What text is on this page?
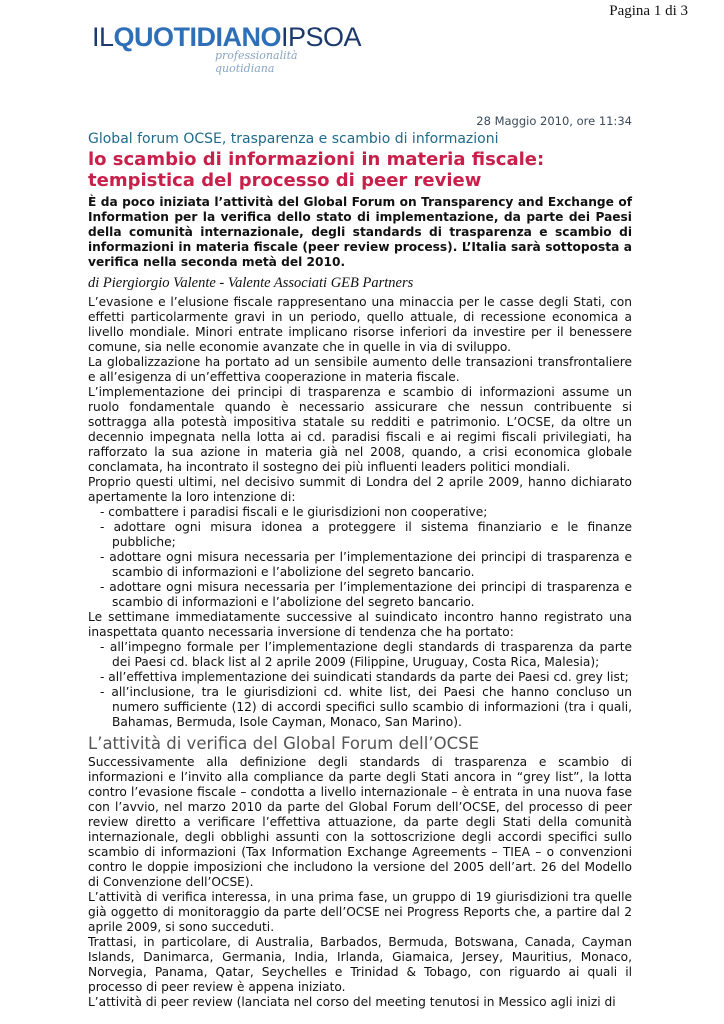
Pagina 1 di 3
ILQUOTIDIANOIPSOA
professionalità quotidiana
28 Maggio 2010, ore 11:34
Global forum OCSE, trasparenza e scambio di informazioni
lo scambio di informazioni in materia fiscale: tempistica del processo di peer review
È da poco iniziata l’attività del Global Forum on Transparency and Exchange of Information per la verifica dello stato di implementazione, da parte dei Paesi della comunità internazionale, degli standards di trasparenza e scambio di informazioni in materia fiscale (peer review process). L’Italia sarà sottoposta a verifica nella seconda metà del 2010.
di Piergiorgio Valente - Valente Associati GEB Partners

L’evasione e l’elusione fiscale rappresentano una minaccia per le casse degli Stati, con effetti particolarmente gravi in un periodo, quello attuale, di recessione economica a livello mondiale. Minori entrate implicano risorse inferiori da investire per il benessere comune, sia nelle economie avanzate che in quelle in via di sviluppo.

La globalizzazione ha portato ad un sensibile aumento delle transazioni transfrontaliere e all’esigenza di un’effettiva cooperazione in materia fiscale.

L’implementazione dei principi di trasparenza e scambio di informazioni assume un ruolo fondamentale quando è necessario assicurare che nessun contribuente si sottragga alla potestà impositiva statale su redditi e patrimonio. L’OCSE, da oltre un decennio impegnata nella lotta ai cd. paradisi fiscali e ai regimi fiscali privilegiati, ha rafforzato la sua azione in materia già nel 2008, quando, a crisi economica globale conclamata, ha incontrato il sostegno dei più influenti leaders politici mondiali.

Proprio questi ultimi, nel decisivo summit di Londra del 2 aprile 2009, hanno dichiarato apertamente la loro intenzione di:

- combattere i paradisi fiscali e le giurisdizioni non cooperative;
- adottare ogni misura idonea a proteggere il sistema finanziario e le finanze pubbliche;
- adottare ogni misura necessaria per l’implementazione dei principi di trasparenza e scambio di informazioni e l’abolizione del segreto bancario.
- adottare ogni misura necessaria per l’implementazione dei principi di trasparenza e scambio di informazioni e l’abolizione del segreto bancario.

Le settimane immediatamente successive al suindicato incontro hanno registrato una inaspettata quanto necessaria inversione di tendenza che ha portato:

- all’impegno formale per l’implementazione degli standards di trasparenza da parte dei Paesi cd. black list al 2 aprile 2009 (Filippine, Uruguay, Costa Rica, Malesia);
- all’effettiva implementazione dei suindicati standards da parte dei Paesi cd. grey list;
- all’inclusione, tra le giurisdizioni cd. white list, dei Paesi che hanno concluso un numero sufficiente (12) di accordi specifici sullo scambio di informazioni (tra i quali, Bahamas, Bermuda, Isole Cayman, Monaco, San Marino).
L’attività di verifica del Global Forum dell’OCSE

Successivamente alla definizione degli standards di trasparenza e scambio di informazioni e l’invito alla compliance da parte degli Stati ancora in “grey list”, la lotta contro l’evasione fiscale – condotta a livello internazionale – è entrata in una nuova fase con l’avvio, nel marzo 2010 da parte del Global Forum dell’OCSE, del processo di peer review diretto a verificare l’effettiva attuazione, da parte degli Stati della comunità internazionale, degli obblighi assunti con la sottoscrizione degli accordi specifici sullo scambio di informazioni (Tax Information Exchange Agreements – TIEA – o convenzioni contro le doppie imposizioni che includono la versione del 2005 dell’art. 26 del Modello di Convenzione dell’OCSE).

L’attività di verifica interessa, in una prima fase, un gruppo di 19 giurisdizioni tra quelle già oggetto di monitoraggio da parte dell’OCSE nei Progress Reports che, a partire dal 2 aprile 2009, si sono succeduti.

Trattasi, in particolare, di Australia, Barbados, Bermuda, Botswana, Canada, Cayman Islands, Danimarca, Germania, India, Irlanda, Giamaica, Jersey, Mauritius, Monaco, Norvegia, Panama, Qatar, Seychelles e Trinidad & Tobago, con riguardo ai quali il processo di peer review è appena iniziato.

L’attività di peer review (lanciata nel corso del meeting tenutosi in Messico agli inizi di
